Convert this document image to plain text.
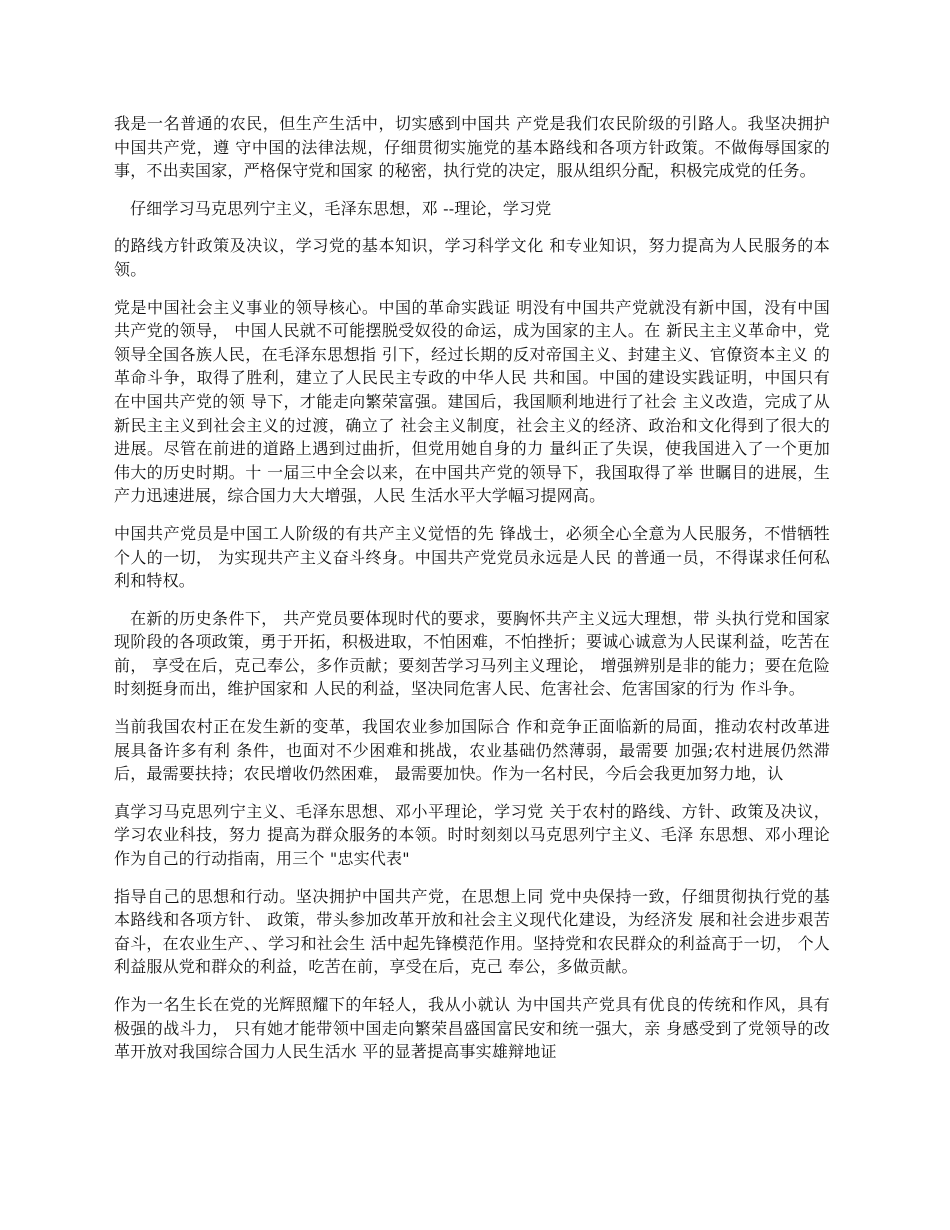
我是一名普通的农民，但生产生活中，切实感到中国共 产党是我们农民阶级的引路人。我坚决拥护中国共产党，遵 守中国的法律法规，仔细贯彻实施党的基本路线和各项方针政策。不做侮辱国家的事，不出卖国家，严格保守党和国家 的秘密，执行党的决定，服从组织分配，积极完成党的任务。

仔细学习马克思列宁主义，毛泽东思想，邓 --理论，学习党

的路线方针政策及决议，学习党的基本知识，学习科学文化 和专业知识，努力提高为人民服务的本领。

党是中国社会主义事业的领导核心。中国的革命实践证 明没有中国共产党就没有新中国，没有中国共产党的领导， 中国人民就不可能摆脱受奴役的命运，成为国家的主人。在 新民主主义革命中，党领导全国各族人民，在毛泽东思想指 引下，经过长期的反对帝国主义、封建主义、官僚资本主义 的革命斗争，取得了胜利，建立了人民民主专政的中华人民 共和国。中国的建设实践证明，中国只有在中国共产党的领 导下，才能走向繁荣富强。建国后，我国顺利地进行了社会 主义改造，完成了从新民主主义到社会主义的过渡，确立了 社会主义制度，社会主义的经济、政治和文化得到了很大的 进展。尽管在前进的道路上遇到过曲折，但党用她自身的力 量纠正了失误，使我国进入了一个更加伟大的历史时期。十 一届三中全会以来，在中国共产党的领导下，我国取得了举 世瞩目的进展，生产力迅速进展，综合国力大大增强，人民 生活水平大学幅习提网高。

中国共产党员是中国工人阶级的有共产主义觉悟的先 锋战士，必须全心全意为人民服务，不惜牺牲个人的一切， 为实现共产主义奋斗终身。中国共产党党员永远是人民 的普通一员，不得谋求任何私利和特权。

在新的历史条件下， 共产党员要体现时代的要求，要胸怀共产主义远大理想，带 头执行党和国家现阶段的各项政策，勇于开拓，积极进取，不怕困难，不怕挫折；要诚心诚意为人民谋利益，吃苦在前， 享受在后，克己奉公，多作贡献；要刻苦学习马列主义理论， 增强辨别是非的能力；要在危险时刻挺身而出，维护国家和 人民的利益，坚决同危害人民、危害社会、危害国家的行为 作斗争。

当前我国农村正在发生新的变革，我国农业参加国际合 作和竞争正面临新的局面，推动农村改革进展具备许多有利 条件，也面对不少困难和挑战，农业基础仍然薄弱，最需要 加强;农村进展仍然滞后，最需要扶持；农民增收仍然困难， 最需要加快。作为一名村民，今后会我更加努力地，认

真学习马克思列宁主义、毛泽东思想、邓小平理论，学习党 关于农村的路线、方针、政策及决议，学习农业科技，努力 提高为群众服务的本领。时时刻刻以马克思列宁主义、毛泽 东思想、邓小理论作为自己的行动指南，用三个 "忠实代表"

指导自己的思想和行动。坚决拥护中国共产党，在思想上同 党中央保持一致，仔细贯彻执行党的基本路线和各项方针、 政策，带头参加改革开放和社会主义现代化建设，为经济发 展和社会进步艰苦奋斗，在农业生产、、学习和社会生 活中起先锋模范作用。坚持党和农民群众的利益高于一切， 个人利益服从党和群众的利益，吃苦在前，享受在后，克己 奉公，多做贡献。

作为一名生长在党的光辉照耀下的年轻人，我从小就认 为中国共产党具有优良的传统和作风，具有极强的战斗力， 只有她才能带领中国走向繁荣昌盛国富民安和统一强大，亲 身感受到了党领导的改革开放对我国综合国力人民生活水 平的显著提高事实雄辩地证
